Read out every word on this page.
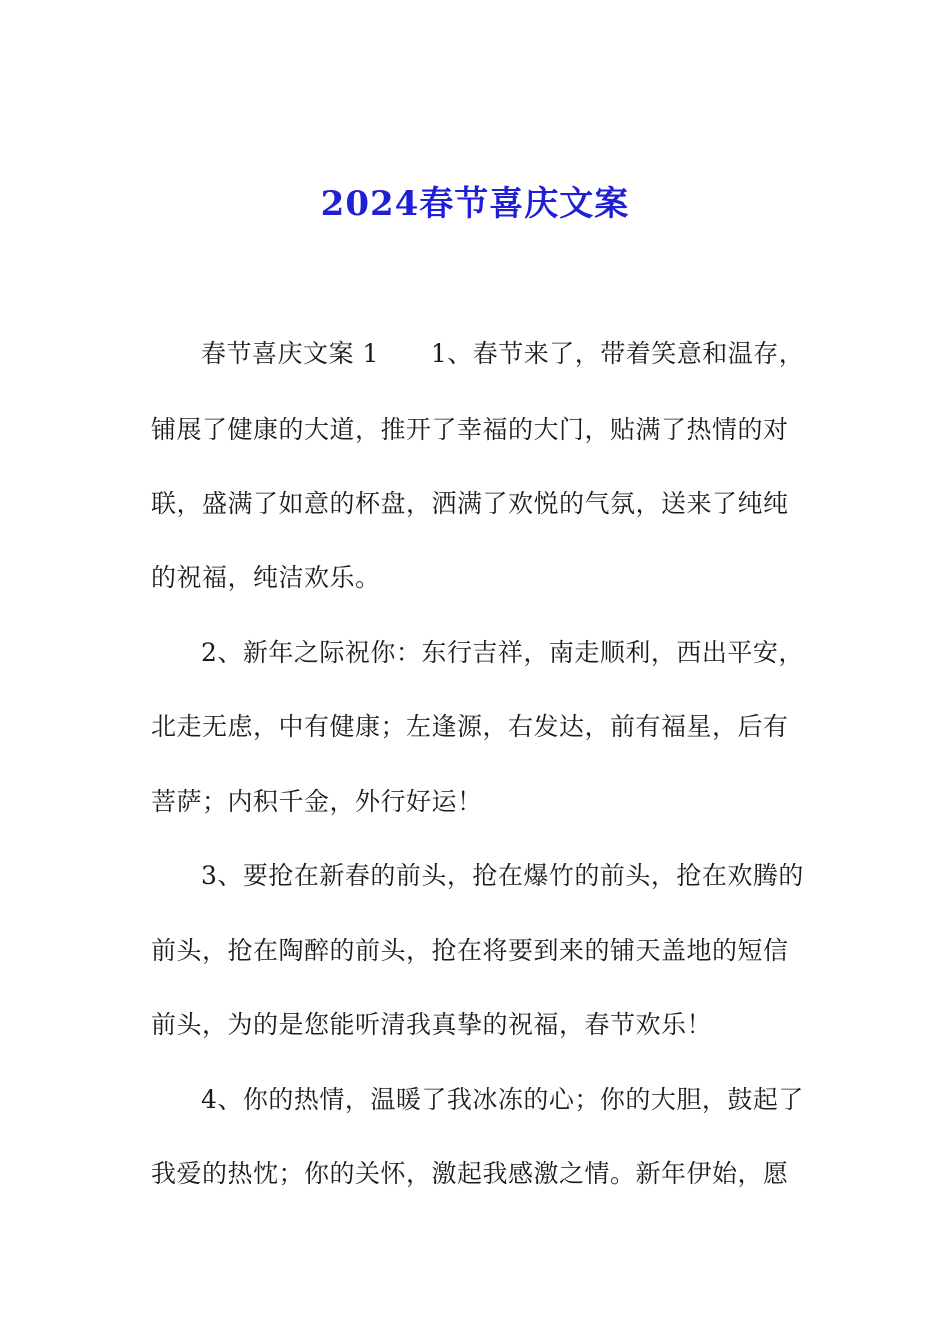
2024春节喜庆文案
春节喜庆文案 1 1、春节来了，带着笑意和温存，
铺展了健康的大道，推开了幸福的大门，贴满了热情的对
联，盛满了如意的杯盘，洒满了欢悦的气氛，送来了纯纯
的祝福，纯洁欢乐。
2、新年之际祝你：东行吉祥，南走顺利，西出平安，
北走无虑，中有健康；左逢源，右发达，前有福星，后有
菩萨；内积千金，外行好运！
3、要抢在新春的前头，抢在爆竹的前头，抢在欢腾的
前头，抢在陶醉的前头，抢在将要到来的铺天盖地的短信
前头，为的是您能听清我真挚的祝福，春节欢乐！
4、你的热情，温暖了我冰冻的心；你的大胆，鼓起了
我爱的热忱；你的关怀，激起我感激之情。新年伊始，愿
